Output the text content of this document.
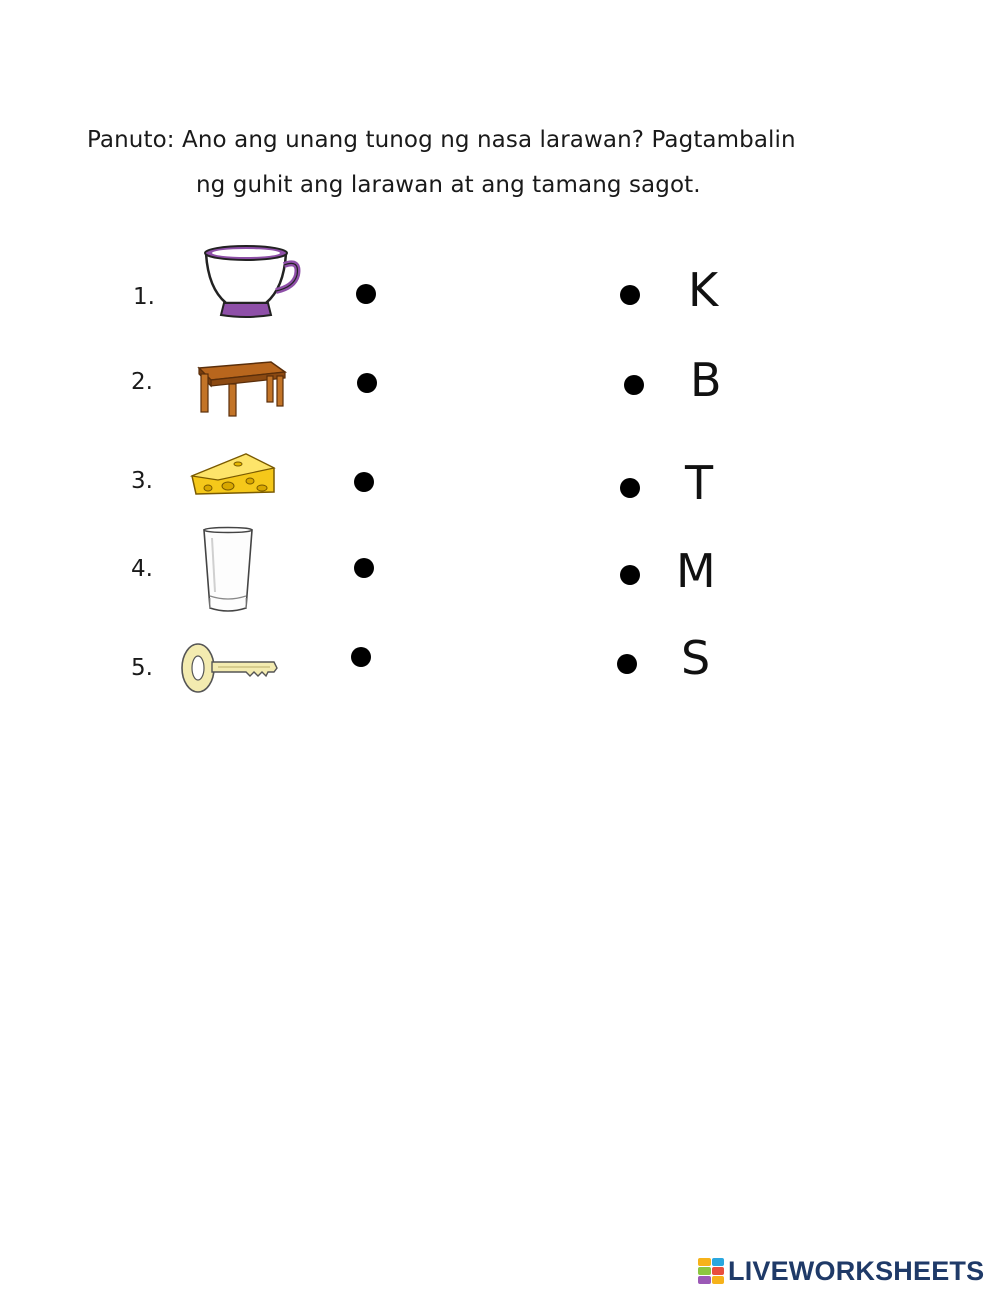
Panuto: Ano ang unang tunog ng nasa larawan? Pagtambalin
ng guhit ang larawan at ang tamang sagot.
1.
2.
3.
4.
5.
K
B
T
M
S
LIVEWORKSHEETS
